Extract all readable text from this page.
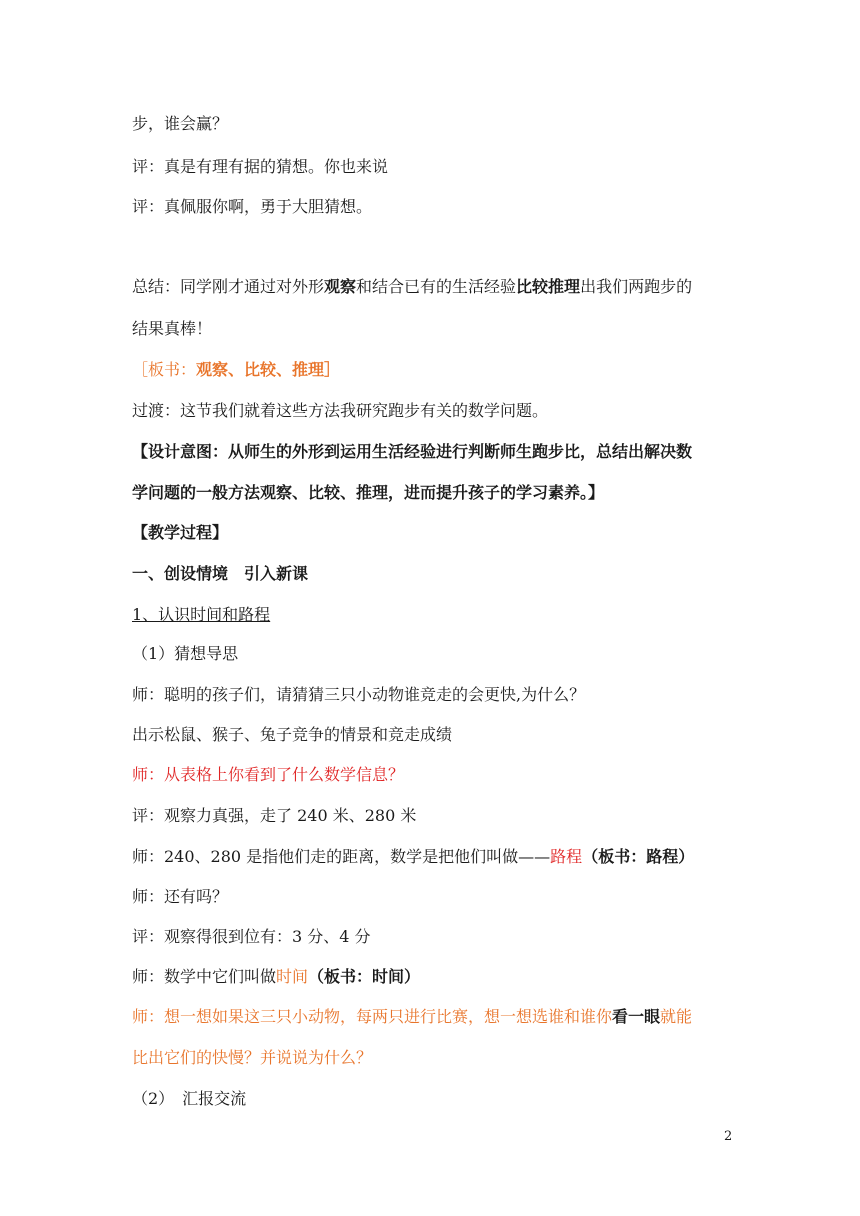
步，谁会赢？
评：真是有理有据的猜想。你也来说
评：真佩服你啊，勇于大胆猜想。
总结：同学刚才通过对外形观察和结合已有的生活经验比较推理出我们两跑步的
结果真棒！
［板书：观察、比较、推理］
过渡：这节我们就着这些方法我研究跑步有关的数学问题。
【设计意图：从师生的外形到运用生活经验进行判断师生跑步比，总结出解决数
学问题的一般方法观察、比较、推理，进而提升孩子的学习素养。】
【教学过程】
一、创设情境　引入新课
1、认识时间和路程
（1）猜想导思
师：聪明的孩子们，请猜猜三只小动物谁竞走的会更快,为什么？
出示松鼠、猴子、兔子竞争的情景和竞走成绩
师：从表格上你看到了什么数学信息？
评：观察力真强，走了 240 米、280 米
师：240、280 是指他们走的距离，数学是把他们叫做——路程（板书：路程）
师：还有吗？
评：观察得很到位有：3 分、4 分
师：数学中它们叫做时间（板书：时间）
师：想一想如果这三只小动物，每两只进行比赛，想一想选谁和谁你看一眼就能
比出它们的快慢？并说说为什么？
（2）　汇报交流
2
